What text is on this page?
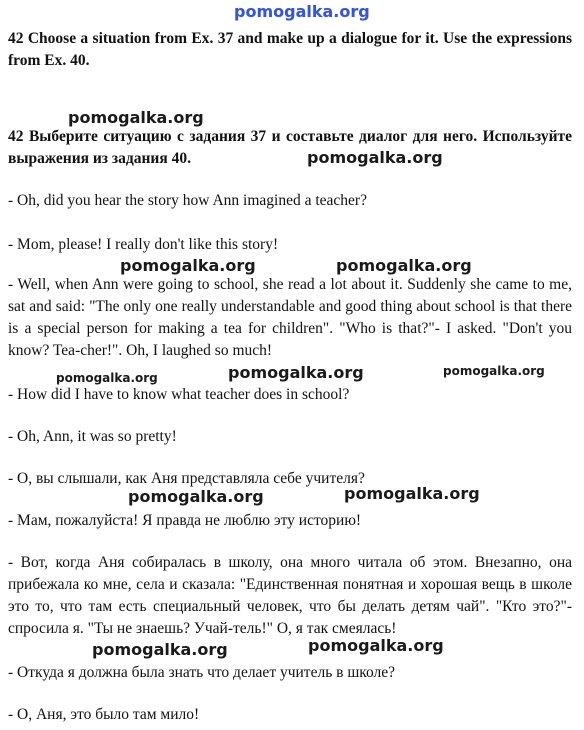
pomogalka.org
pomogalka.org
pomogalka.org
pomogalka.org	pomogalka.org
pomogalka.org	pomogalka.org	pomogalka.org
pomogalka.org	pomogalka.org
pomogalka.org	pomogalka.org

42 Choose a situation from Ex. 37 and make up a dialogue for it. Use the expressions from Ex. 40.

42 Выберите ситуацию с задания 37 и составьте диалог для него. Используйте выражения из задания 40.

- Oh, did you hear the story how Ann imagined a teacher?

- Mom, please! I really don't like this story!

- Well, when Ann were going to school, she read a lot about it. Suddenly she came to me, sat and said: "The only one really understandable and good thing about school is that there is a special person for making a tea for children". "Who is that?"- I asked. "Don't you know? Tea-cher!". Oh, I laughed so much!

- How did I have to know what teacher does in school?

- Oh, Ann, it was so pretty!

- О, вы слышали, как Аня представляла себе учителя?

- Мам, пожалуйста! Я правда не люблю эту историю!

- Вот, когда Аня собиралась в школу, она много читала об этом. Внезапно, она прибежала ко мне, села и сказала: "Единственная понятная и хорошая вещь в школе это то, что там есть специальный человек, что бы делать детям чай". "Кто это?"- спросила я. "Ты не знаешь? Учай-тель!" О, я так смеялась!

- Откуда я должна была знать что делает учитель в школе?

- О, Аня, это было там мило!
